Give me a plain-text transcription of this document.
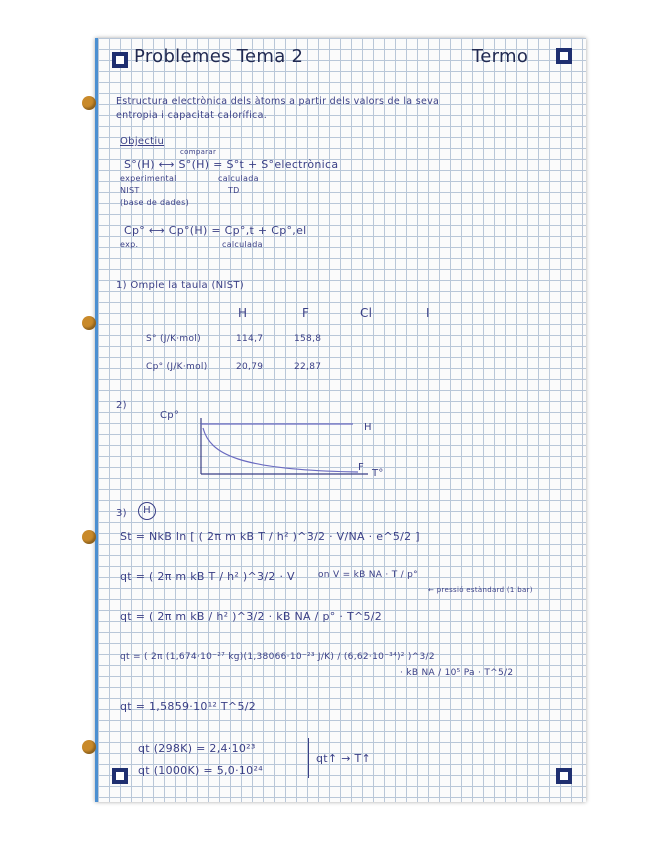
Problemes Tema 2	Termo
Estructura electrònica dels àtoms a partir dels valors de la seva
entropia i capacitat calorífica.
Objectiu
comparar
S°(H) ⟷ S°(H) = S°t + S°electrònica
experimental	calculada
NIST	TD
(base de dades)
Cp° ⟷ Cp°(H) = Cp°,t + Cp°,el
exp.	calculada
1) Omple la taula (NIST)
H	F	Cl	I
S° (J/K·mol)	114,7	158,8
Cp° (J/K·mol)	20,79	22,87
2)
Cp°
H
F
T°
3)	H
St = NkB ln [ ( 2π m kB T / h² )^3/2 · V/NA · e^5/2 ]
qt = ( 2π m kB T / h² )^3/2 · V	on V = kB NA · T / p°
← pressió estàndard (1 bar)
qt = ( 2π m kB / h² )^3/2 · kB NA / p° · T^5/2
qt = ( 2π (1,674·10⁻²⁷ kg)(1,38066·10⁻²³ J/K) / (6,62·10⁻³⁴)² )^3/2
· kB NA / 10⁵ Pa · T^5/2
qt = 1,5859·10¹² T^5/2
qt (298K) = 2,4·10²³
qt (1000K) = 5,0·10²⁴
qt↑ → T↑
